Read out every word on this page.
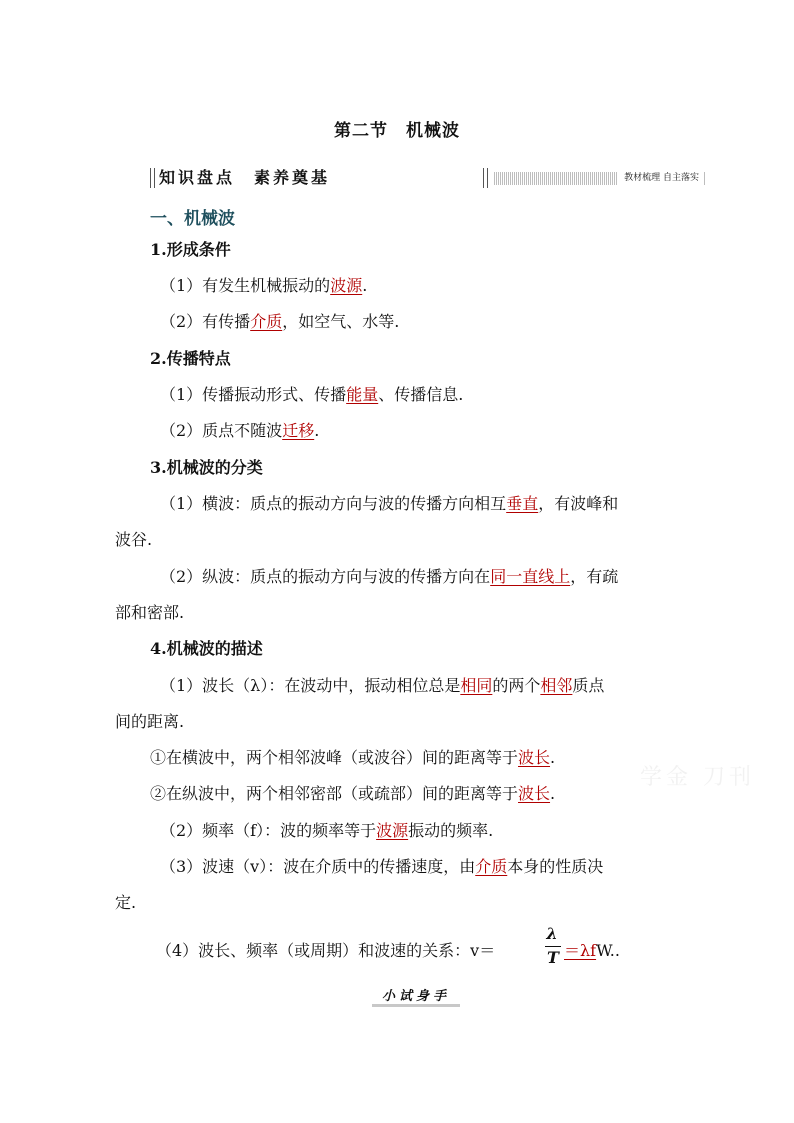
第二节　机械波
知识盘点　素养奠基	教材梳理 自主落实
学金 刀刊
一、机械波
1.形成条件
（1）有发生机械振动的波源.
（2）有传播介质，如空气、水等.
2.传播特点
（1）传播振动形式、传播能量、传播信息.
（2）质点不随波迁移.
3.机械波的分类
（1）横波：质点的振动方向与波的传播方向相互垂直，有波峰和
波谷.
（2）纵波：质点的振动方向与波的传播方向在同一直线上，有疏
部和密部.
4.机械波的描述
（1）波长（λ）：在波动中，振动相位总是相同的两个相邻质点
间的距离.
①在横波中，两个相邻波峰（或波谷）间的距离等于波长.
②在纵波中，两个相邻密部（或疏部）间的距离等于波长.
（2）频率（f）：波的频率等于波源振动的频率.
（3）波速（v）：波在介质中的传播速度，由介质本身的性质决
定.
（4）波长、频率（或周期）和波速的关系：v＝
λ
T ＝λfW..
小试身手
